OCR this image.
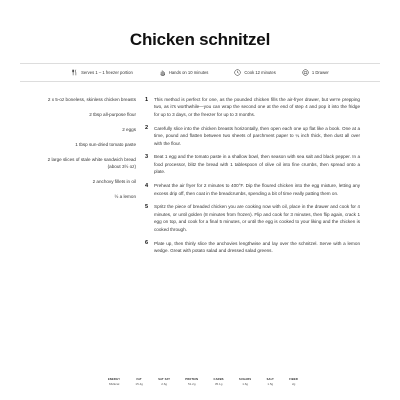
Chicken schnitzel
Serves 1 – 1 freezer portion	Hands on 10 minutes	Cook 12 minutes	1 Drawer
2 x 5-oz boneless, skinless chicken breasts
2 tbsp all-purpose flour
2 eggs
1 tbsp sun-dried tomato paste
2 large slices of stale white sandwich bread (about 3½ oz)
2 anchovy fillets in oil
½ a lemon
1 This method is perfect for one, as the pounded chicken fills the air-fryer drawer, but we're prepping two, as it's worthwhile—you can wrap the second one at the end of step 4 and pop it into the fridge for up to 3 days, or the freezer for up to 3 months.
2 Carefully slice into the chicken breasts horizontally, then open each one up flat like a book. One at a time, pound and flatten between two sheets of parchment paper to ¼ inch thick, then dust all over with the flour.
3 Beat 1 egg and the tomato paste in a shallow bowl, then season with sea salt and black pepper. In a food processor, blitz the bread with 1 tablespoon of olive oil into fine crumbs, then spread onto a plate.
4 Preheat the air fryer for 2 minutes to 400°F. Dip the floured chicken into the egg mixture, letting any excess drip off, then coat in the breadcrumbs, spending a bit of time really patting them on.
5 Spritz the piece of breaded chicken you are cooking now with oil, place in the drawer and cook for 4 minutes, or until golden (8 minutes from frozen). Flip and cook for 3 minutes, then flip again, crack 1 egg on top, and cook for a final 5 minutes, or until the egg is cooked to your liking and the chicken is cooked through.
6 Plate up, then thinly slice the anchovies lengthwise and lay over the schnitzel. Serve with a lemon wedge. Great with potato salad and dressed salad greens.
ENERGY
662kcal
FAT
15.4g
SAT FAT
2.6g
PROTEIN
51.2g
CARBS
35.1g
SUGARS
1.6g
SALT
1.5g
FIBER
2g
